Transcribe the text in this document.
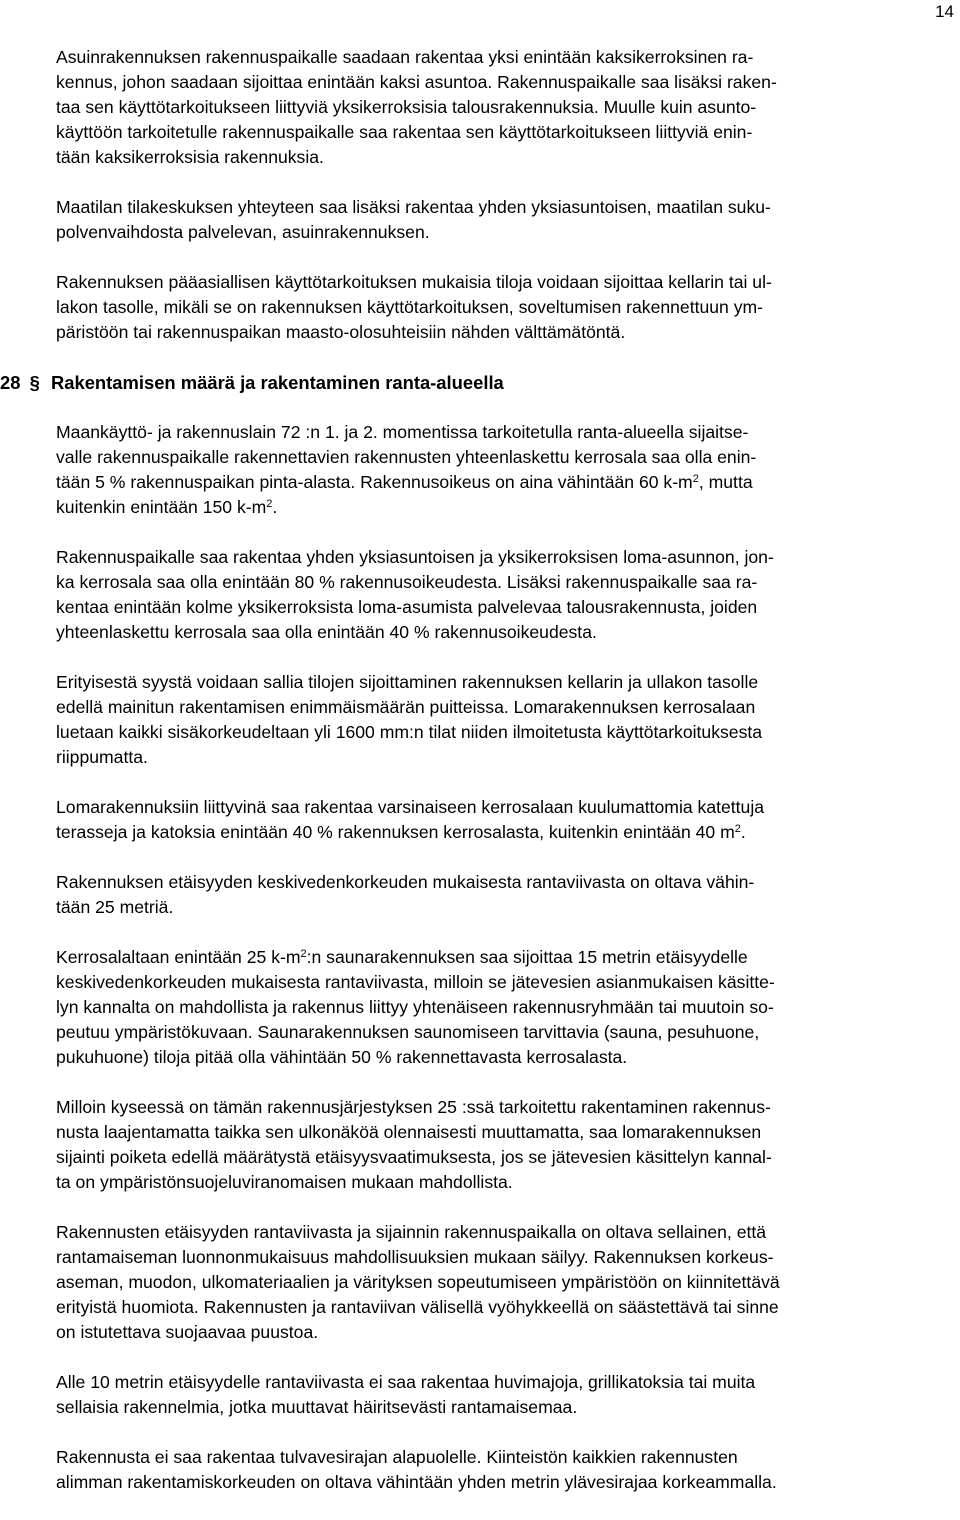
14

Asuinrakennuksen rakennuspaikalle saadaan rakentaa yksi enintään kaksikerroksinen ra-
kennus, johon saadaan sijoittaa enintään kaksi asuntoa. Rakennuspaikalle saa lisäksi raken-
taa sen käyttötarkoitukseen liittyviä yksikerroksisia talousrakennuksia. Muulle kuin asunto-
käyttöön tarkoitetulle rakennuspaikalle saa rakentaa sen käyttötarkoitukseen liittyviä enin-
tään kaksikerroksisia rakennuksia.

Maatilan tilakeskuksen yhteyteen saa lisäksi rakentaa yhden yksiasuntoisen, maatilan suku-
polvenvaihdosta palvelevan, asuinrakennuksen.

Rakennuksen pääasiallisen käyttötarkoituksen mukaisia tiloja voidaan sijoittaa kellarin tai ul-
lakon tasolle, mikäli se on rakennuksen käyttötarkoituksen, soveltumisen rakennettuun ym-
päristöön tai rakennuspaikan maasto-olosuhteisiin nähden välttämätöntä.

28 § Rakentamisen määrä ja rakentaminen ranta-alueella

Maankäyttö- ja rakennuslain 72 :n 1. ja 2. momentissa tarkoitetulla ranta-alueella sijaitse-
valle rakennuspaikalle rakennettavien rakennusten yhteenlaskettu kerrosala saa olla enin-
tään 5 % rakennuspaikan pinta-alasta. Rakennusoikeus on aina vähintään 60 $k-m^2$, mutta
kuitenkin enintään 150 $k-m^2$.

Rakennuspaikalle saa rakentaa yhden yksiasuntoisen ja yksikerroksisen loma-asunnon, jon-
ka kerrosala saa olla enintään 80 % rakennusoikeudesta. Lisäksi rakennuspaikalle saa ra-
kentaa enintään kolme yksikerroksista loma-asumista palvelevaa talousrakennusta, joiden
yhteenlaskettu kerrosala saa olla enintään 40 % rakennusoikeudesta.

Erityisestä syystä voidaan sallia tilojen sijoittaminen rakennuksen kellarin ja ullakon tasolle
edellä mainitun rakentamisen enimmäismäärän puitteissa. Lomarakennuksen kerrosalaan
luetaan kaikki sisäkorkeudeltaan yli 1600 mm:n tilat niiden ilmoitetusta käyttötarkoituksesta
riippumatta.

Lomarakennuksiin liittyvinä saa rakentaa varsinaiseen kerrosalaan kuulumattomia katettuja
terasseja ja katoksia enintään 40 % rakennuksen kerrosalasta, kuitenkin enintään 40 $m^2$.

Rakennuksen etäisyyden keskivedenkorkeuden mukaisesta rantaviivasta on oltava vähin-
tään 25 metriä.

Kerrosalaltaan enintään 25 $k-m^2:n$ saunarakennuksen saa sijoittaa 15 metrin etäisyydelle
keskivedenkorkeuden mukaisesta rantaviivasta, milloin se jätevesien asianmukaisen käsitte-
lyn kannalta on mahdollista ja rakennus liittyy yhtenäiseen rakennusryhmään tai muutoin so-
peutuu ympäristökuvaan. Saunarakennuksen saunomiseen tarvittavia (sauna, pesuhuone,
pukuhuone) tiloja pitää olla vähintään 50 % rakennettavasta kerrosalasta.

Milloin kyseessä on tämän rakennusjärjestyksen 25 :ssä tarkoitettu rakentaminen rakennus-
nusta laajentamatta taikka sen ulkonäköä olennaisesti muuttamatta, saa lomarakennuksen
sijainti poiketa edellä määrätystä etäisyysvaatimuksesta, jos se jätevesien käsittelyn kannal-
ta on ympäristönsuojeluviranomaisen mukaan mahdollista.

Rakennusten etäisyyden rantaviivasta ja sijainnin rakennuspaikalla on oltava sellainen, että
rantamaiseman luonnonmukaisuus mahdollisuuksien mukaan säilyy. Rakennuksen korkeus-
aseman, muodon, ulkomateriaalien ja värityksen sopeutumiseen ympäristöön on kiinnitettävä
erityistä huomiota. Rakennusten ja rantaviivan välisellä vyöhykkeellä on säästettävä tai sinne
on istutettava suojaavaa puustoa.

Alle 10 metrin etäisyydelle rantaviivasta ei saa rakentaa huvimajoja, grillikatoksia tai muita
sellaisia rakennelmia, jotka muuttavat häiritsevästi rantamaisemaa.

Rakennusta ei saa rakentaa tulvavesirajan alapuolelle. Kiinteistön kaikkien rakennusten
alimman rakentamiskorkeuden on oltava vähintään yhden metrin ylävesirajaa korkeammalla.
